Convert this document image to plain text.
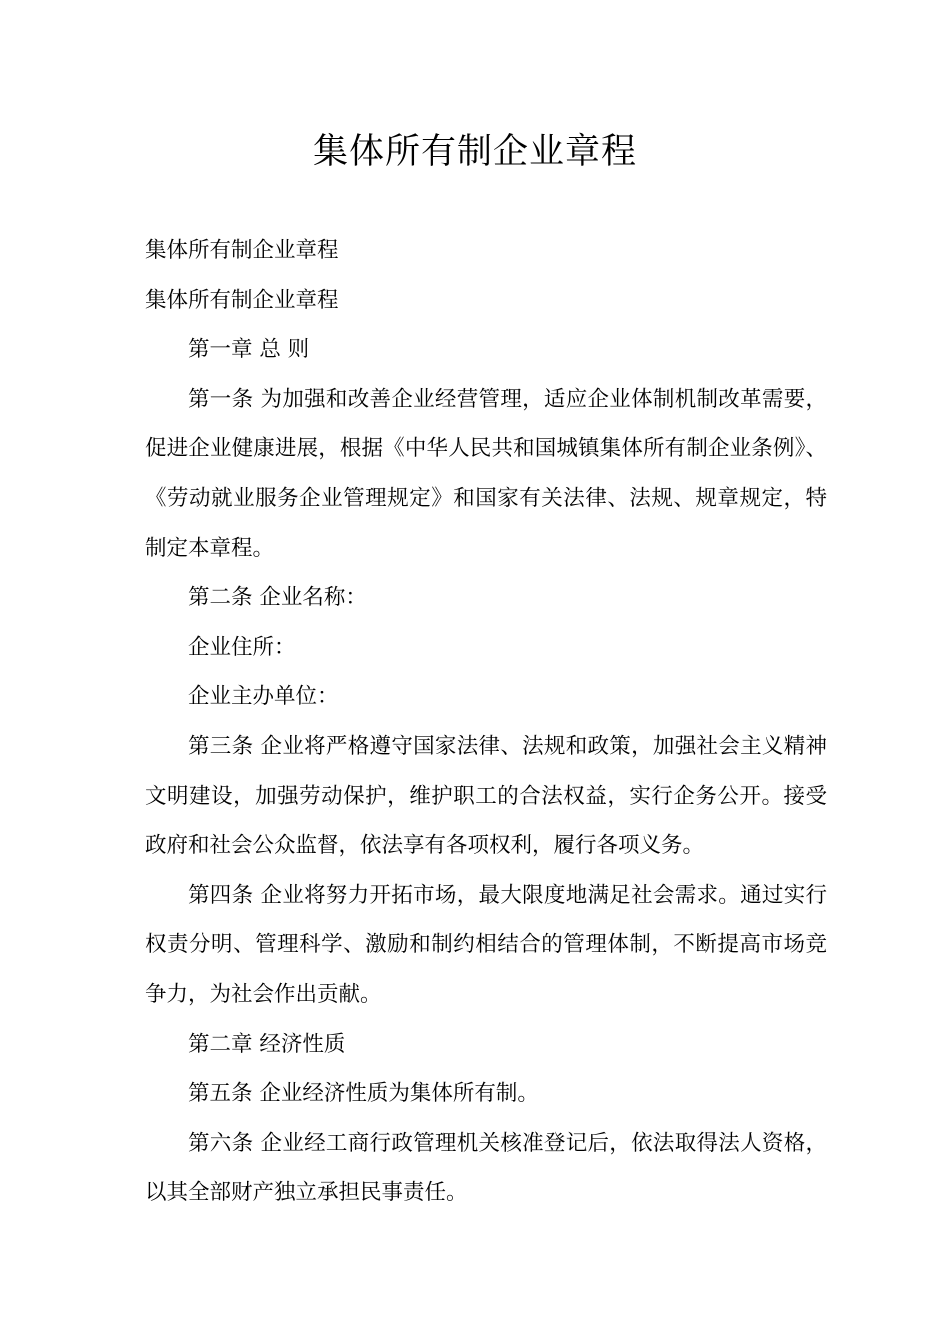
集体所有制企业章程

集体所有制企业章程

集体所有制企业章程

第一章 总 则

第一条 为加强和改善企业经营管理，适应企业体制机制改革需要，促进企业健康进展，根据《中华人民共和国城镇集体所有制企业条例》、《劳动就业服务企业管理规定》和国家有关法律、法规、规章规定，特制定本章程。

第二条 企业名称：

企业住所：

企业主办单位：

第三条 企业将严格遵守国家法律、法规和政策，加强社会主义精神文明建设，加强劳动保护，维护职工的合法权益，实行企务公开。接受政府和社会公众监督，依法享有各项权利，履行各项义务。

第四条 企业将努力开拓市场，最大限度地满足社会需求。通过实行权责分明、管理科学、激励和制约相结合的管理体制，不断提高市场竞争力，为社会作出贡献。

第二章 经济性质

第五条 企业经济性质为集体所有制。

第六条 企业经工商行政管理机关核准登记后，依法取得法人资格，以其全部财产独立承担民事责任。
